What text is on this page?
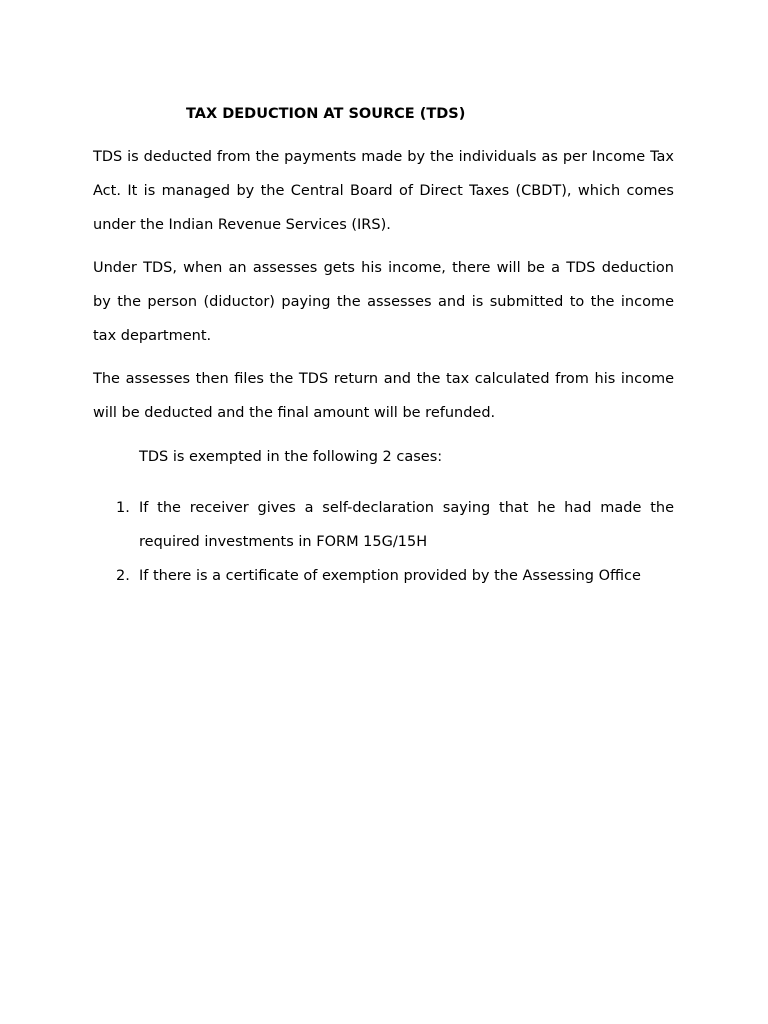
TAX DEDUCTION AT SOURCE (TDS)

TDS is deducted from the payments made by the individuals as per Income Tax Act. It is managed by the Central Board of Direct Taxes (CBDT), which comes under the Indian Revenue Services (IRS).

Under TDS, when an assesses gets his income, there will be a TDS deduction by the person (diductor) paying the assesses and is submitted to the income tax department.

The assesses then files the TDS return and the tax calculated from his income will be deducted and the final amount will be refunded.

TDS is exempted in the following 2 cases:
1. If the receiver gives a self-declaration saying that he had made the required investments in FORM 15G/15H
2. If there is a certificate of exemption provided by the Assessing Office
